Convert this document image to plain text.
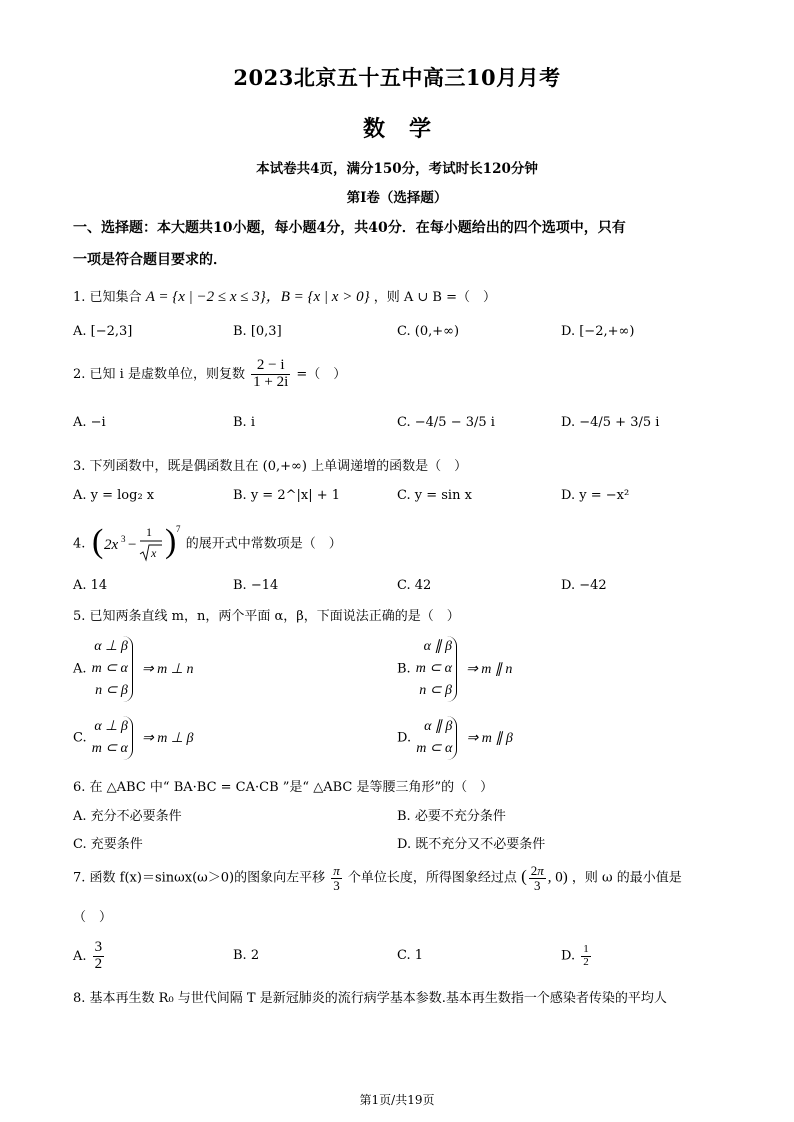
2023北京五十五中高三10月月考
数学
本试卷共4页，满分150分，考试时长120分钟
第Ⅰ卷（选择题）
一、选择题：本大题共10小题，每小题4分，共40分．在每小题给出的四个选项中，只有
一项是符合题目要求的．
1. 已知集合 A = {x | −2 ≤ x ≤ 3}，B = {x | x > 0} ，则 A ∪ B =（　）
A. [−2,3]	B. [0,3]	C. (0,+∞)	D. [−2,+∞)
2. 已知 i 是虚数单位，则复数 $\frac{2 - i}{1 + 2i}$ =（　）
A. −i	B. i	C. −4/5 − 3/5 i	D. −4/5 + 3/5 i
3. 下列函数中，既是偶函数且在 (0,+∞) 上单调递增的函数是（　）
A. y = log₂ x	B. y = 2^|x| + 1	C. y = sin x	D. y = −x²
4. ( 2x 3 −
1
x ) 7
的展开式中常数项是（　）
A. 14	B. −14	C. 42	D. −42
5. 已知两条直线 m，n，两个平面 α，β，下面说法正确的是（　）
A. α ⊥ β
m ⊂ α
n ⊂ β ⇒ m ⊥ n	B. α ∥ β
m ⊂ α
n ⊂ β ⇒ m ∥ n
C. α ⊥ β
m ⊂ α ⇒ m ⊥ β	D. α ∥ β
m ⊂ α ⇒ m ∥ β
6. 在 △ABC 中“ BA·BC = CA·CB ”是“ △ABC 是等腰三角形”的（　）
A. 充分不必要条件	B. 必要不充分条件
C. 充要条件	D. 既不充分又不必要条件
7. 函数 f(x)＝sinωx(ω＞0)的图象向左平移 $\frac{\pi}{3}$ 个单位长度，所得图象经过点 ( $\frac{2\pi}{3}$ , 0) ，则 ω 的最小值是
（　）
A. $\frac{3}{2}$	B. 2	C. 1	D. $\frac{1}{2}$
8. 基本再生数 R₀ 与世代间隔 T 是新冠肺炎的流行病学基本参数.基本再生数指一个感染者传染的平均人
第1页/共19页
